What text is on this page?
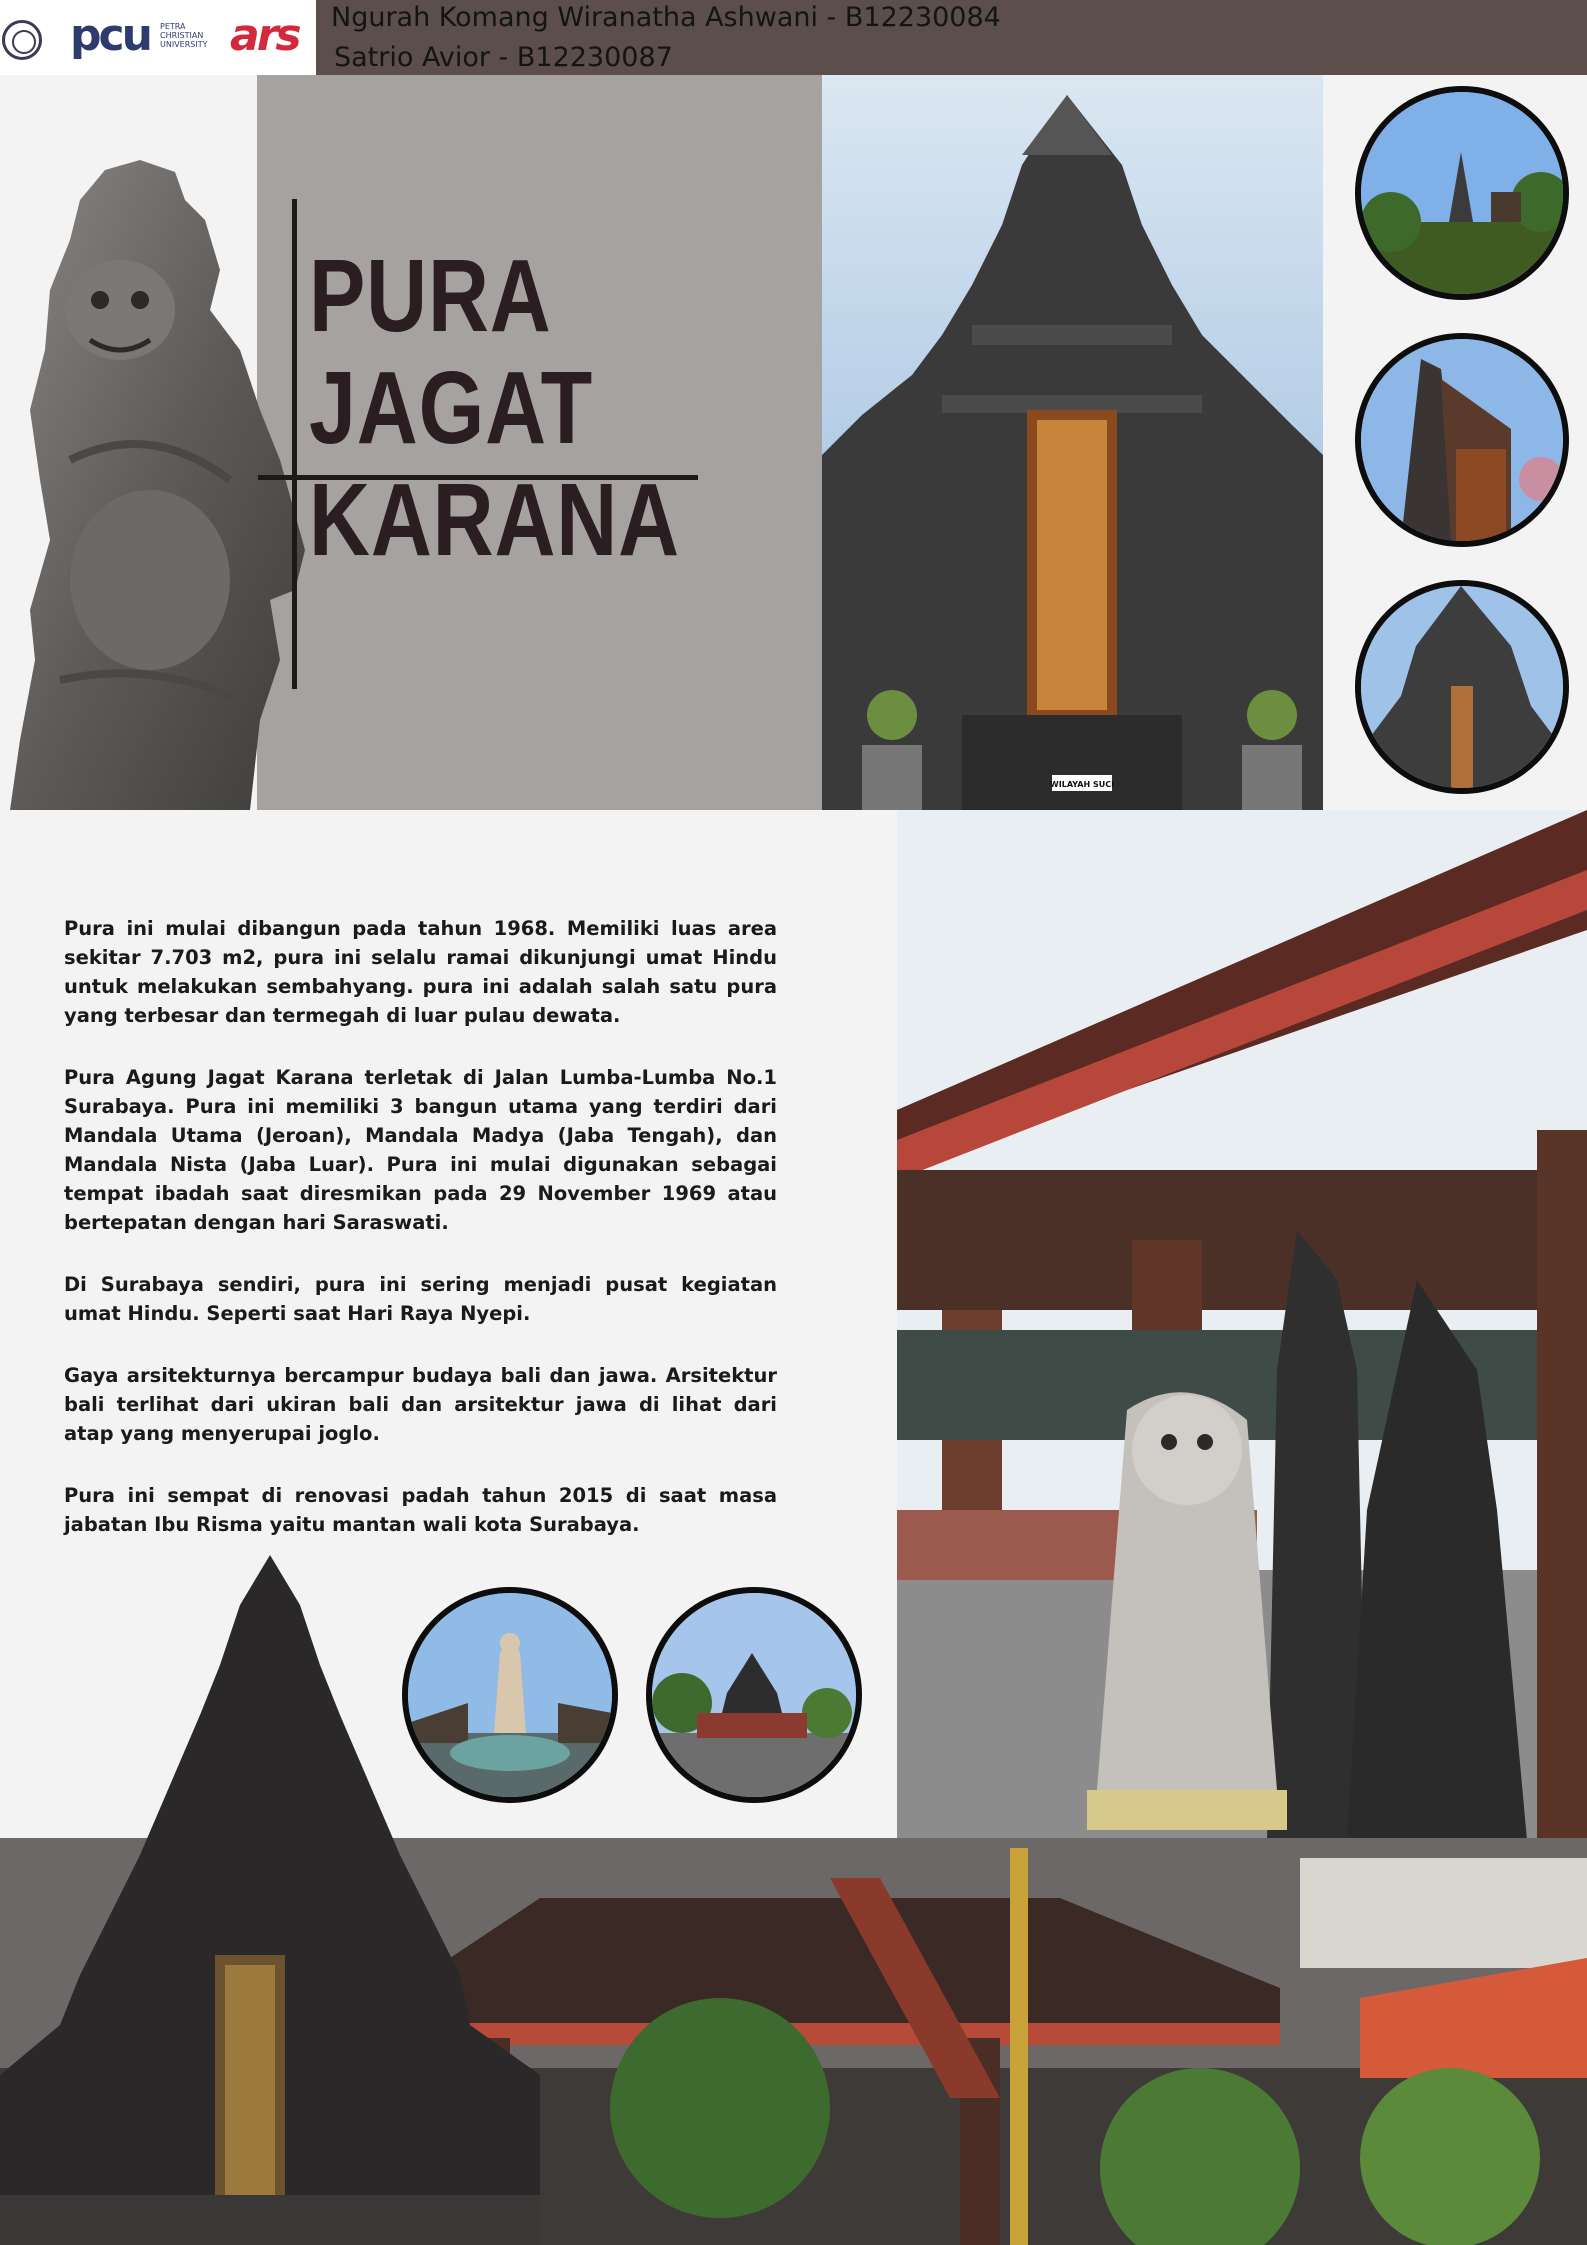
pcu PETRA CHRISTIAN UNIVERSITY ars Ngurah Komang Wiranatha Ashwani - B12230084
Satrio Avior - B12230087
PURA JAGAT
KARANA
WILAYAH SUCI

Pura ini mulai dibangun pada tahun 1968. Memiliki luas area sekitar 7.703 m2, pura ini selalu ramai dikunjungi umat Hindu untuk melakukan sembahyang. pura ini adalah salah satu pura yang terbesar dan termegah di luar pulau dewata.

Pura Agung Jagat Karana terletak di Jalan Lumba-Lumba No.1 Surabaya. Pura ini memiliki 3 bangun utama yang terdiri dari Mandala Utama (Jeroan), Mandala Madya (Jaba Tengah), dan Mandala Nista (Jaba Luar). Pura ini mulai digunakan sebagai tempat ibadah saat diresmikan pada 29 November 1969 atau bertepatan dengan hari Saraswati.

Di Surabaya sendiri, pura ini sering menjadi pusat kegiatan umat Hindu. Seperti saat Hari Raya Nyepi.

Gaya arsitekturnya bercampur budaya bali dan jawa. Arsitektur bali terlihat dari ukiran bali dan arsitektur jawa di lihat dari atap yang menyerupai joglo.

Pura ini sempat di renovasi padah tahun 2015 di saat masa jabatan Ibu Risma yaitu mantan wali kota Surabaya.
